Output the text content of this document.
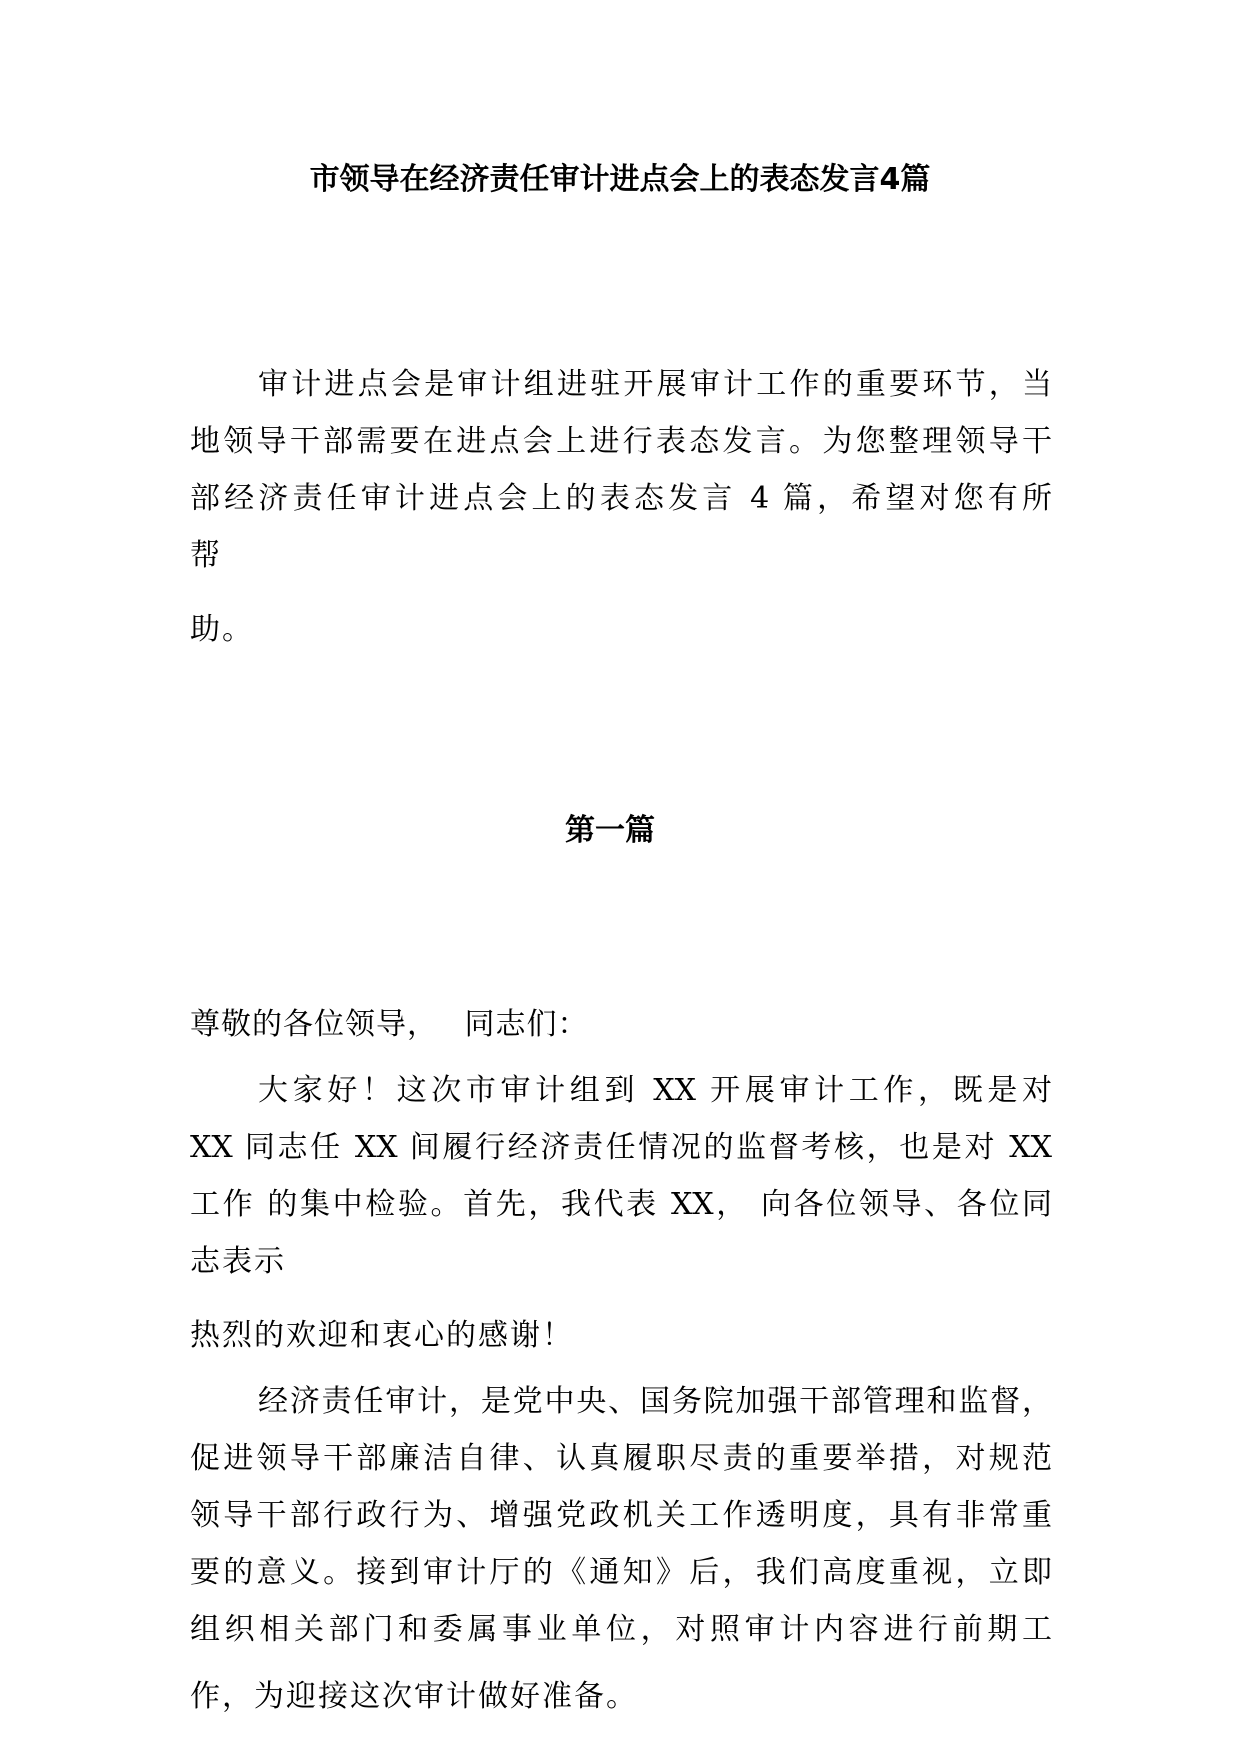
市领导在经济责任审计进点会上的表态发言4篇

审计进点会是审计组进驻开展审计工作的重要环节，当

地领导干部需要在进点会上进行表态发言。为您整理领导干

部经济责任审计进点会上的表态发言 4 篇，希望对您有所

帮

助。

第一篇

尊敬的各位领导，　 同志们：

大家好！这次市审计组到 XX 开展审计工作，既是对

XX 同志任 XX 间履行经济责任情况的监督考核，也是对 XX

工作 的集中检验。首先，我代表 XX， 向各位领导、各位同

志表示

热烈的欢迎和衷心的感谢！

经济责任审计，是党中央、国务院加强干部管理和监督，

促进领导干部廉洁自律、认真履职尽责的重要举措，对规范

领导干部行政行为、增强党政机关工作透明度，具有非常重

要的意义。接到审计厅的《通知》后，我们高度重视，立即

组织相关部门和委属事业单位，对照审计内容进行前期工

作，为迎接这次审计做好准备。
